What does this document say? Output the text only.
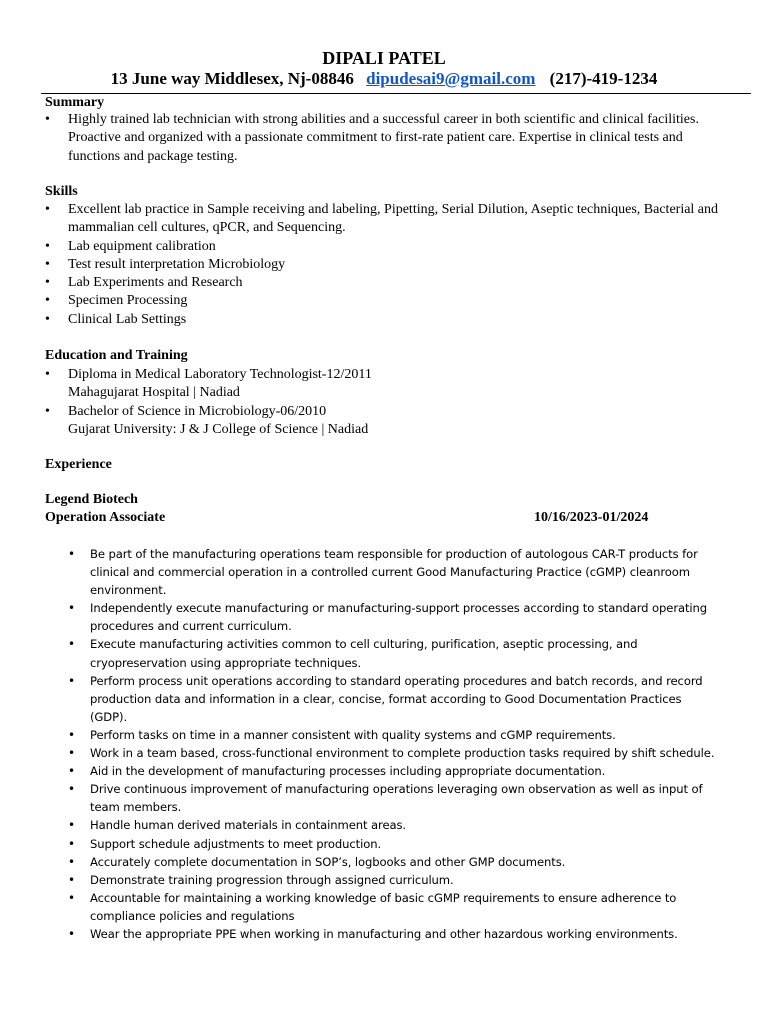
DIPALI PATEL
13 June way Middlesex, Nj-08846 dipudesai9@gmail.com (217)-419-1234
Summary
• Highly trained lab technician with strong abilities and a successful career in both scientific and clinical facilities. Proactive and organized with a passionate commitment to first-rate patient care. Expertise in clinical tests and functions and package testing.
Skills
• Excellent lab practice in Sample receiving and labeling, Pipetting, Serial Dilution, Aseptic techniques, Bacterial and mammalian cell cultures, qPCR, and Sequencing.
• Lab equipment calibration
• Test result interpretation Microbiology
• Lab Experiments and Research
• Specimen Processing
• Clinical Lab Settings
Education and Training
• Diploma in Medical Laboratory Technologist-12/2011
Mahagujarat Hospital | Nadiad
• Bachelor of Science in Microbiology-06/2010
Gujarat University: J & J College of Science | Nadiad
Experience
Legend Biotech
Operation Associate	10/16/2023-01/2024
• Be part of the manufacturing operations team responsible for production of autologous CAR-T products for clinical and commercial operation in a controlled current Good Manufacturing Practice (cGMP) cleanroom environment.
• Independently execute manufacturing or manufacturing-support processes according to standard operating procedures and current curriculum.
• Execute manufacturing activities common to cell culturing, purification, aseptic processing, and cryopreservation using appropriate techniques.
• Perform process unit operations according to standard operating procedures and batch records, and record production data and information in a clear, concise, format according to Good Documentation Practices (GDP).
• Perform tasks on time in a manner consistent with quality systems and cGMP requirements.
• Work in a team based, cross-functional environment to complete production tasks required by shift schedule.
• Aid in the development of manufacturing processes including appropriate documentation.
• Drive continuous improvement of manufacturing operations leveraging own observation as well as input of team members.
• Handle human derived materials in containment areas.
• Support schedule adjustments to meet production.
• Accurately complete documentation in SOP’s, logbooks and other GMP documents.
• Demonstrate training progression through assigned curriculum.
• Accountable for maintaining a working knowledge of basic cGMP requirements to ensure adherence to compliance policies and regulations
• Wear the appropriate PPE when working in manufacturing and other hazardous working environments.
